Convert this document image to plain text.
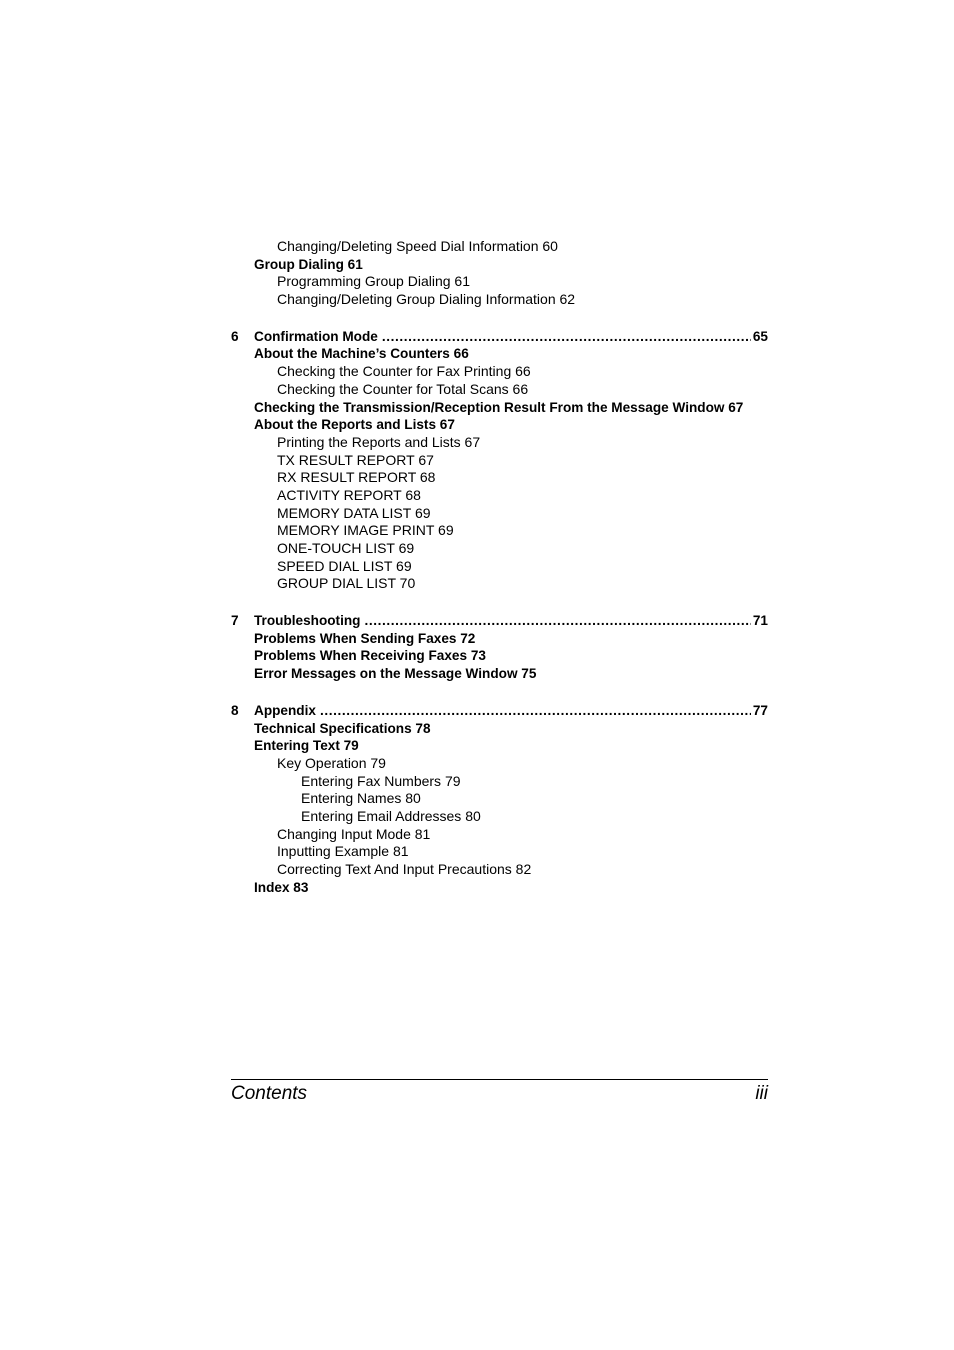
Changing/Deleting Speed Dial Information 60
Group Dialing 61
Programming Group Dialing 61
Changing/Deleting Group Dialing Information 62
6	Confirmation Mode .....	65
About the Machine’s Counters 66
Checking the Counter for Fax Printing 66
Checking the Counter for Total Scans 66
Checking the Transmission/Reception Result From the Message Window 67
About the Reports and Lists 67
Printing the Reports and Lists 67
TX RESULT REPORT 67
RX RESULT REPORT 68
ACTIVITY REPORT 68
MEMORY DATA LIST 69
MEMORY IMAGE PRINT 69
ONE-TOUCH LIST 69
SPEED DIAL LIST 69
GROUP DIAL LIST 70
7	Troubleshooting .....	71
Problems When Sending Faxes 72
Problems When Receiving Faxes 73
Error Messages on the Message Window 75
8	Appendix .....	77
Technical Specifications 78
Entering Text 79
Key Operation 79
Entering Fax Numbers 79
Entering Names 80
Entering Email Addresses 80
Changing Input Mode 81
Inputting Example 81
Correcting Text And Input Precautions 82
Index 83
Contents	iii
